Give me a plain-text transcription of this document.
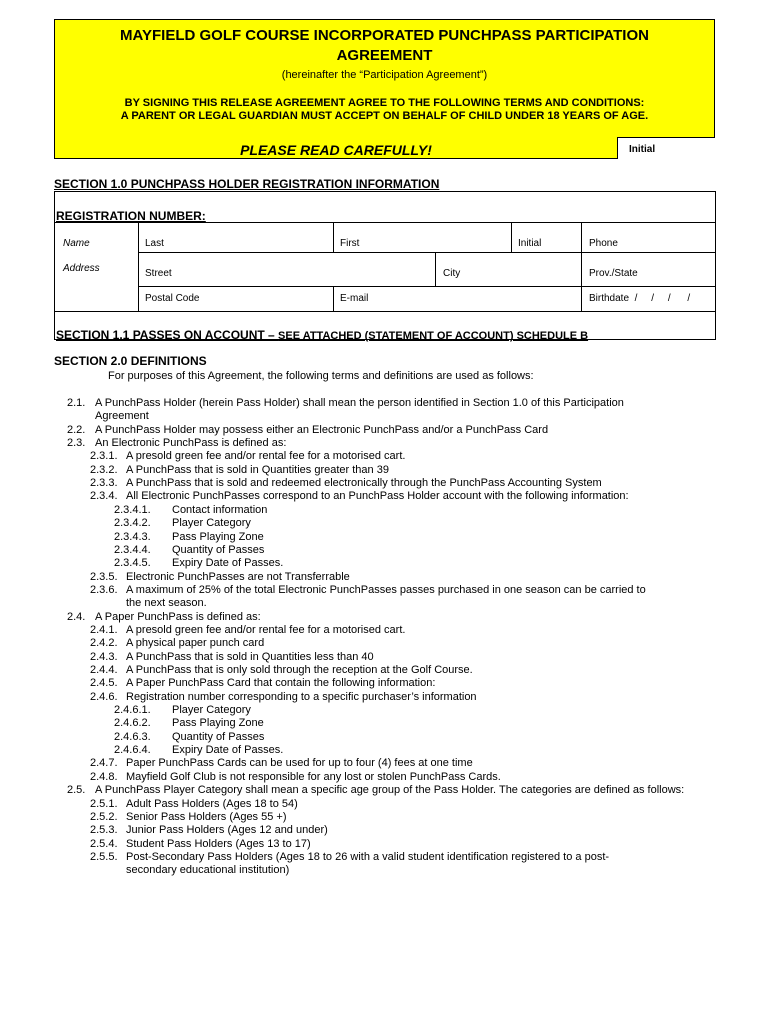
MAYFIELD GOLF COURSE INCORPORATED PUNCHPASS PARTICIPATION
AGREEMENT
(hereinafter the “Participation Agreement”)
BY SIGNING THIS RELEASE AGREEMENT AGREE TO THE FOLLOWING TERMS AND CONDITIONS:
A PARENT OR LEGAL GUARDIAN MUST ACCEPT ON BEHALF OF CHILD UNDER 18 YEARS OF AGE.
PLEASE READ CAREFULLY!	Initial
SECTION 1.0 PUNCHPASS HOLDER REGISTRATION INFORMATION
REGISTRATION NUMBER:
Name
Address
Last	First	Initial	Phone
Street	City	Prov./State
Postal Code	E-mail	Birthdate  /     /     /      /
SECTION 1.1 PASSES ON ACCOUNT – SEE ATTACHED (STATEMENT OF ACCOUNT) SCHEDULE B
SECTION 2.0 DEFINITIONS
For purposes of this Agreement, the following terms and definitions are used as follows:
2.1. A PunchPass Holder (herein Pass Holder) shall mean the person identified in Section 1.0 of this Participation
Agreement
2.2. A PunchPass Holder may possess either an Electronic PunchPass and/or a PunchPass Card
2.3. An Electronic PunchPass is defined as:
2.3.1. A presold green fee and/or rental fee for a motorised cart.
2.3.2. A PunchPass that is sold in Quantities greater than 39
2.3.3. A PunchPass that is sold and redeemed electronically through the PunchPass Accounting System
2.3.4. All Electronic PunchPasses correspond to an PunchPass Holder account with the following information:
2.3.4.1. Contact information
2.3.4.2. Player Category
2.3.4.3. Pass Playing Zone
2.3.4.4. Quantity of Passes
2.3.4.5. Expiry Date of Passes.
2.3.5. Electronic PunchPasses are not Transferrable
2.3.6. A maximum of 25% of the total Electronic PunchPasses passes purchased in one season can be carried to
the next season.
2.4. A Paper PunchPass is defined as:
2.4.1. A presold green fee and/or rental fee for a motorised cart.
2.4.2. A physical paper punch card
2.4.3. A PunchPass that is sold in Quantities less than 40
2.4.4. A PunchPass that is only sold through the reception at the Golf Course.
2.4.5. A Paper PunchPass Card that contain the following information:
2.4.6. Registration number corresponding to a specific purchaser’s information
2.4.6.1. Player Category
2.4.6.2. Pass Playing Zone
2.4.6.3. Quantity of Passes
2.4.6.4. Expiry Date of Passes.
2.4.7. Paper PunchPass Cards can be used for up to four (4) fees at one time
2.4.8. Mayfield Golf Club is not responsible for any lost or stolen PunchPass Cards.
2.5. A PunchPass Player Category shall mean a specific age group of the Pass Holder. The categories are defined as follows:
2.5.1. Adult Pass Holders (Ages 18 to 54)
2.5.2. Senior Pass Holders (Ages 55 +)
2.5.3. Junior Pass Holders (Ages 12 and under)
2.5.4. Student Pass Holders (Ages 13 to 17)
2.5.5. Post-Secondary Pass Holders (Ages 18 to 26 with a valid student identification registered to a post-
secondary educational institution)
